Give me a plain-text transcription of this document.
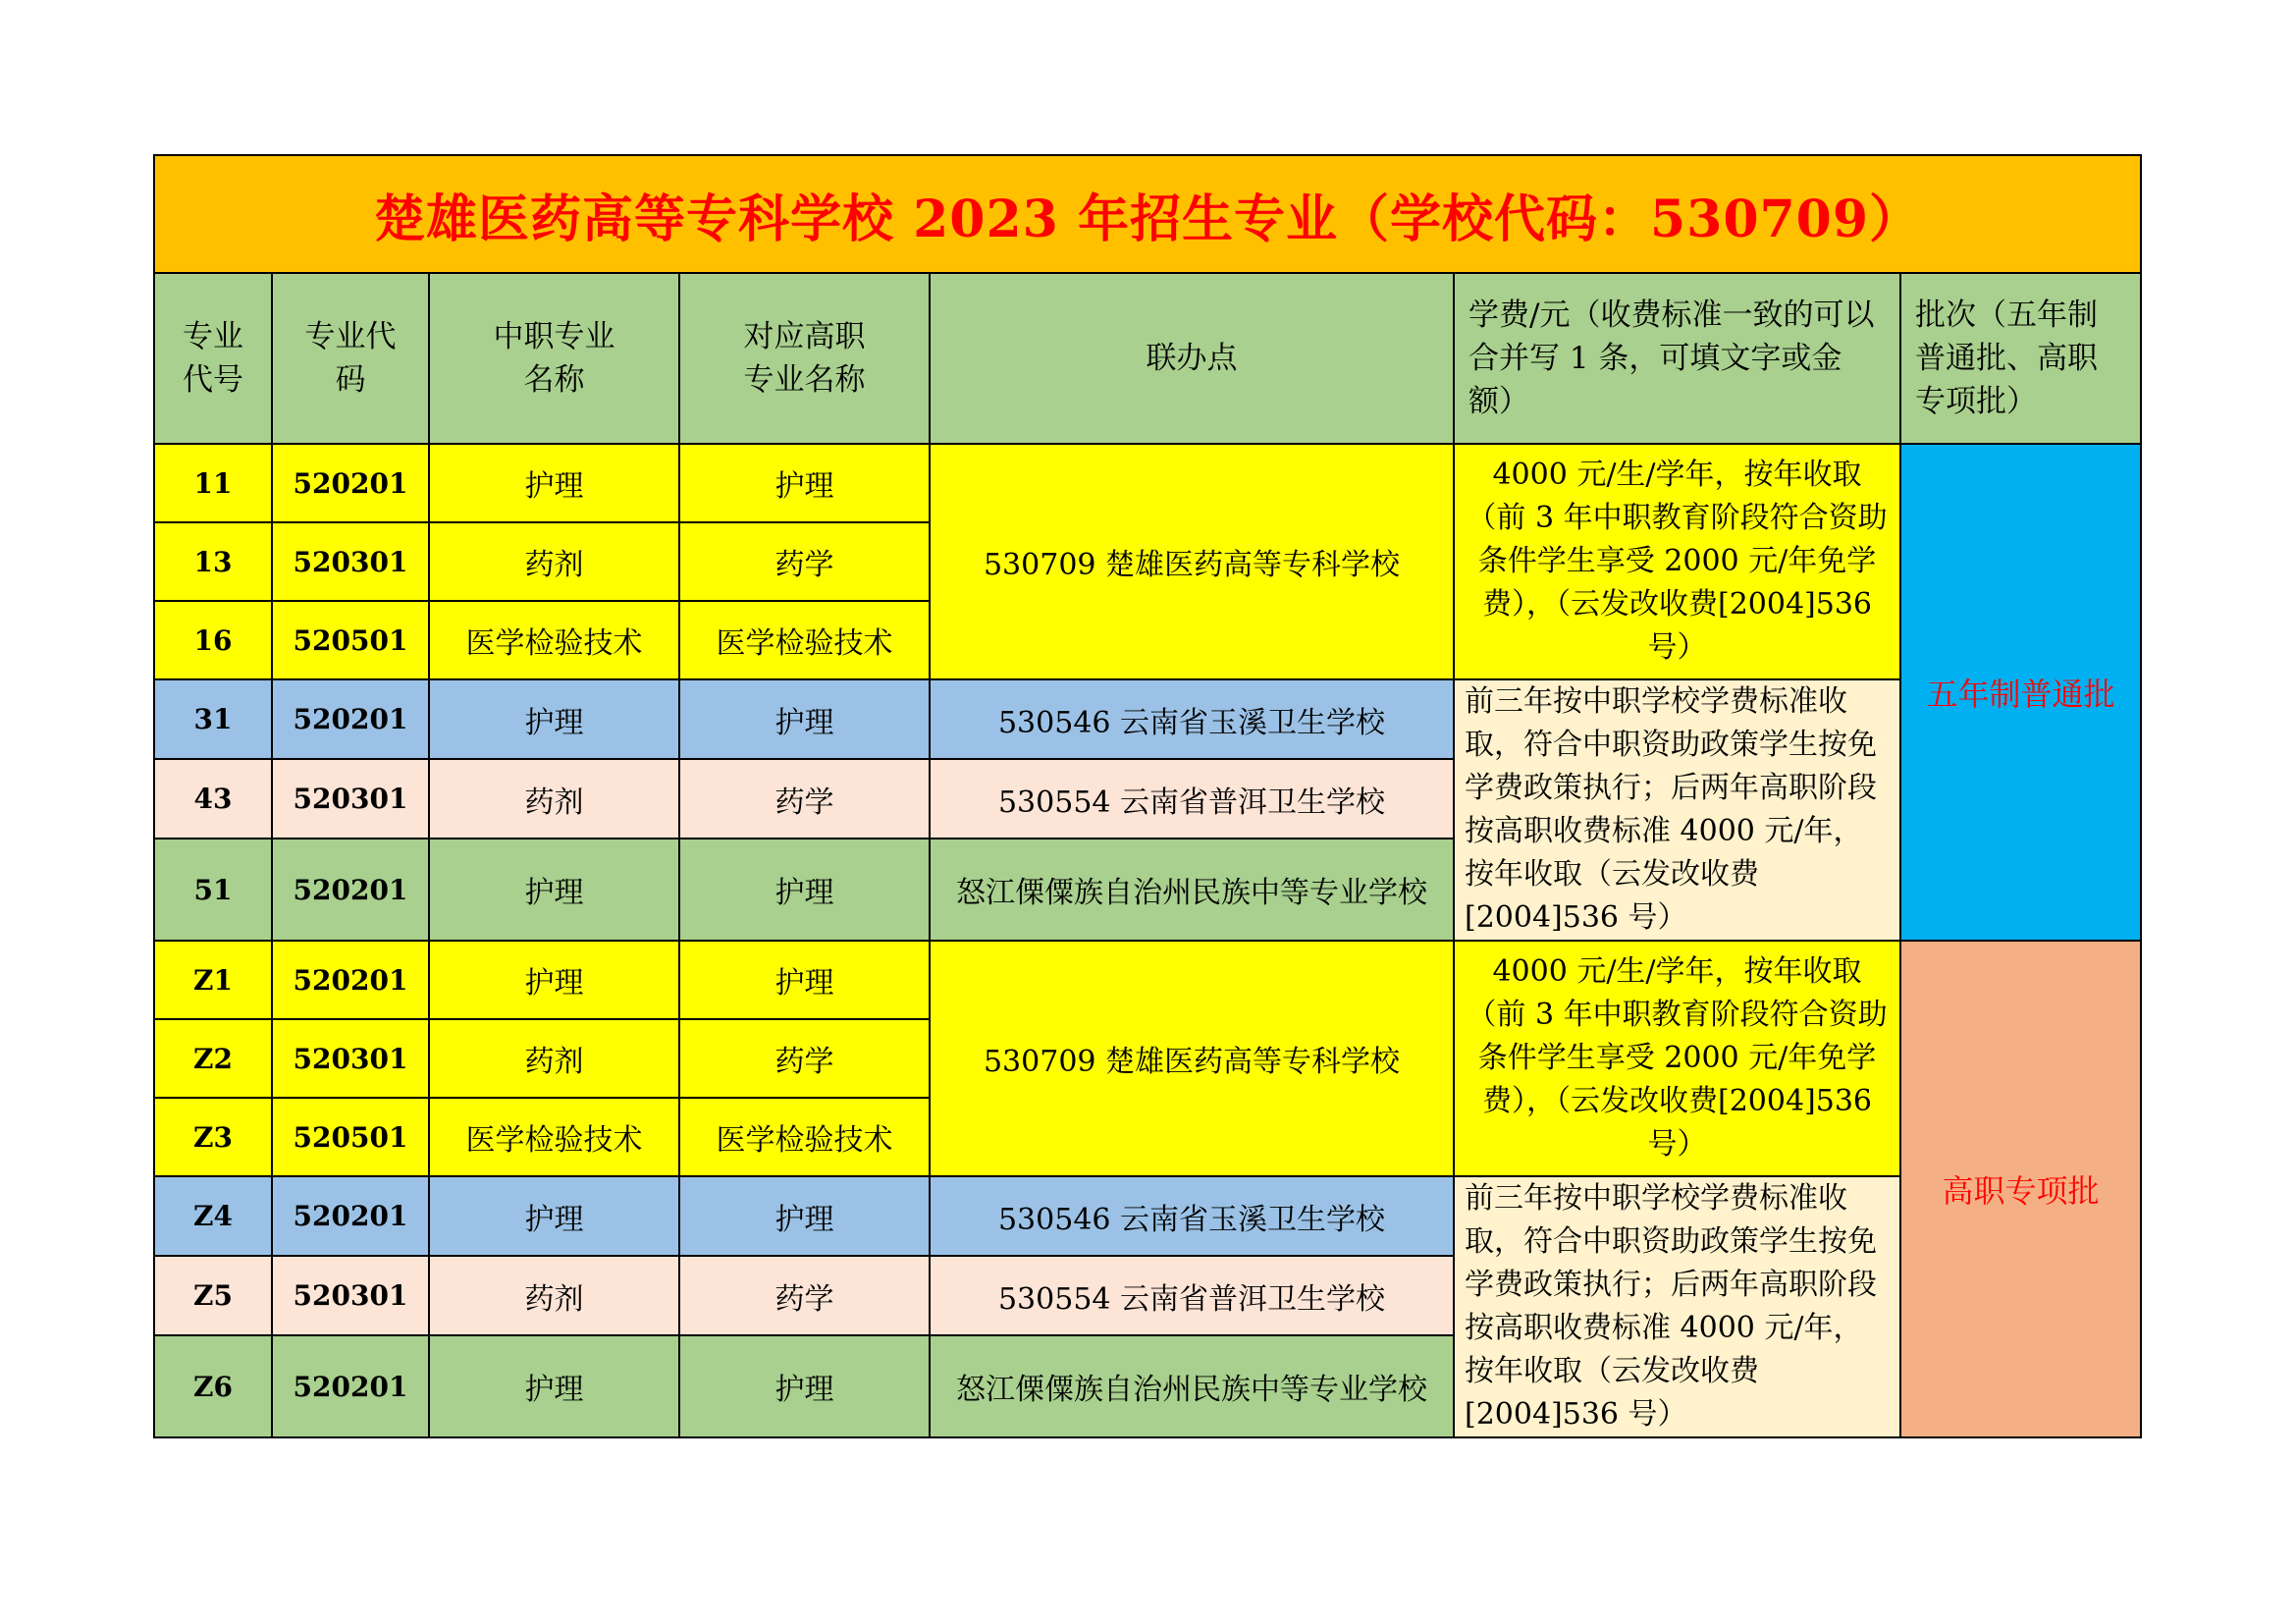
楚雄医药高等专科学校 2023 年招生专业（学校代码：530709）						
专业代号	专业代码	中职专业名称	对应高职专业名称	联办点	学费/元（收费标准一致的可以合并写 1 条，可填文字或金额）	批次（五年制普通批、高职专项批）
11	520201	护理	护理	530709 楚雄医药高等专科学校	4000 元/生/学年，按年收取（前 3 年中职教育阶段符合资助条件学生享受 2000 元/年免学费），（云发改收费[2004]536 号）	五年制普通批
13	520301	药剂	药学			
16	520501	医学检验技术	医学检验技术			
31	520201	护理	护理	530546 云南省玉溪卫生学校	前三年按中职学校学费标准收取，符合中职资助政策学生按免学费政策执行；后两年高职阶段按高职收费标准 4000 元/年，按年收取（云发改收费[2004]536 号）	
43	520301	药剂	药学	530554 云南省普洱卫生学校		
51	520201	护理	护理	怒江傈僳族自治州民族中等专业学校		
Z1	520201	护理	护理	530709 楚雄医药高等专科学校	4000 元/生/学年，按年收取（前 3 年中职教育阶段符合资助条件学生享受 2000 元/年免学费），（云发改收费[2004]536 号）	高职专项批
Z2	520301	药剂	药学			
Z3	520501	医学检验技术	医学检验技术			
Z4	520201	护理	护理	530546 云南省玉溪卫生学校	前三年按中职学校学费标准收取，符合中职资助政策学生按免学费政策执行；后两年高职阶段按高职收费标准 4000 元/年，按年收取（云发改收费[2004]536 号）	
Z5	520301	药剂	药学	530554 云南省普洱卫生学校		
Z6	520201	护理	护理	怒江傈僳族自治州民族中等专业学校		
